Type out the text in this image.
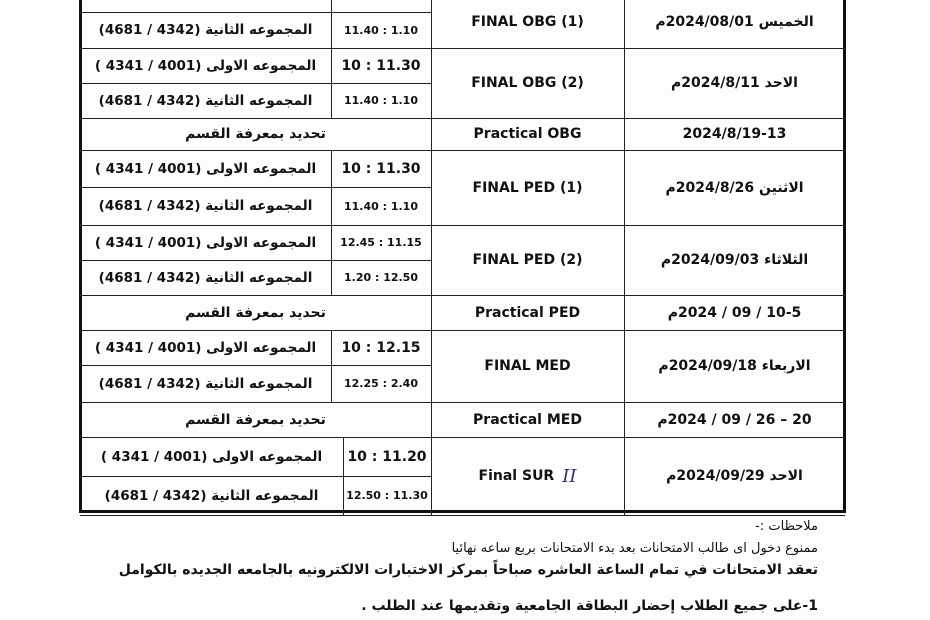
الخميس 2024/08/01م
FINAL OBG (1)
11.40 : 1.10
المجموعه الثانية (4342 / 4681)
الاحد 2024/8/11م
FINAL OBG (2)
10 : 11.30
المجموعه الاولى (4001 / 4341 )
11.40 : 1.10
المجموعه الثانية (4342 / 4681)
2024/8/19-13
Practical OBG
تحديد بمعرفة القسم
الاثنين 2024/8/26م
FINAL PED (1)
10 : 11.30
المجموعه الاولى (4001 / 4341 )
11.40 : 1.10
المجموعه الثانية (4342 / 4681)
الثلاثاء 2024/09/03م
FINAL PED (2)
12.45 : 11.15
المجموعه الاولى (4001 / 4341 )
1.20 : 12.50
المجموعه الثانية (4342 / 4681)
10-5 / 09 / 2024م
Practical PED
تحديد بمعرفة القسم
الاربعاء 2024/09/18م
FINAL MED
10 : 12.15
المجموعه الاولى (4001 / 4341 )
12.25 : 2.40
المجموعه الثانية (4342 / 4681)
20 – 26 / 09 / 2024م
Practical MED
تحديد بمعرفة القسم
الاحد 2024/09/29م
Final SUR II
10 : 11.20
المجموعه الاولى (4001 / 4341 )
12.50 : 11.30
المجموعه الثانية (4342 / 4681)
ملاحظات :-
ممنوع دخول اى طالب الامتحانات بعد بدء الامتحانات بربع ساعه نهائيا
تعقد الامتحانات في تمام الساعة العاشره صباحاً بمركز الاختبارات الالكترونيه بالجامعه الجديده بالكوامل
1-على جميع الطلاب إحضار البطاقة الجامعية وتقديمها عند الطلب .
